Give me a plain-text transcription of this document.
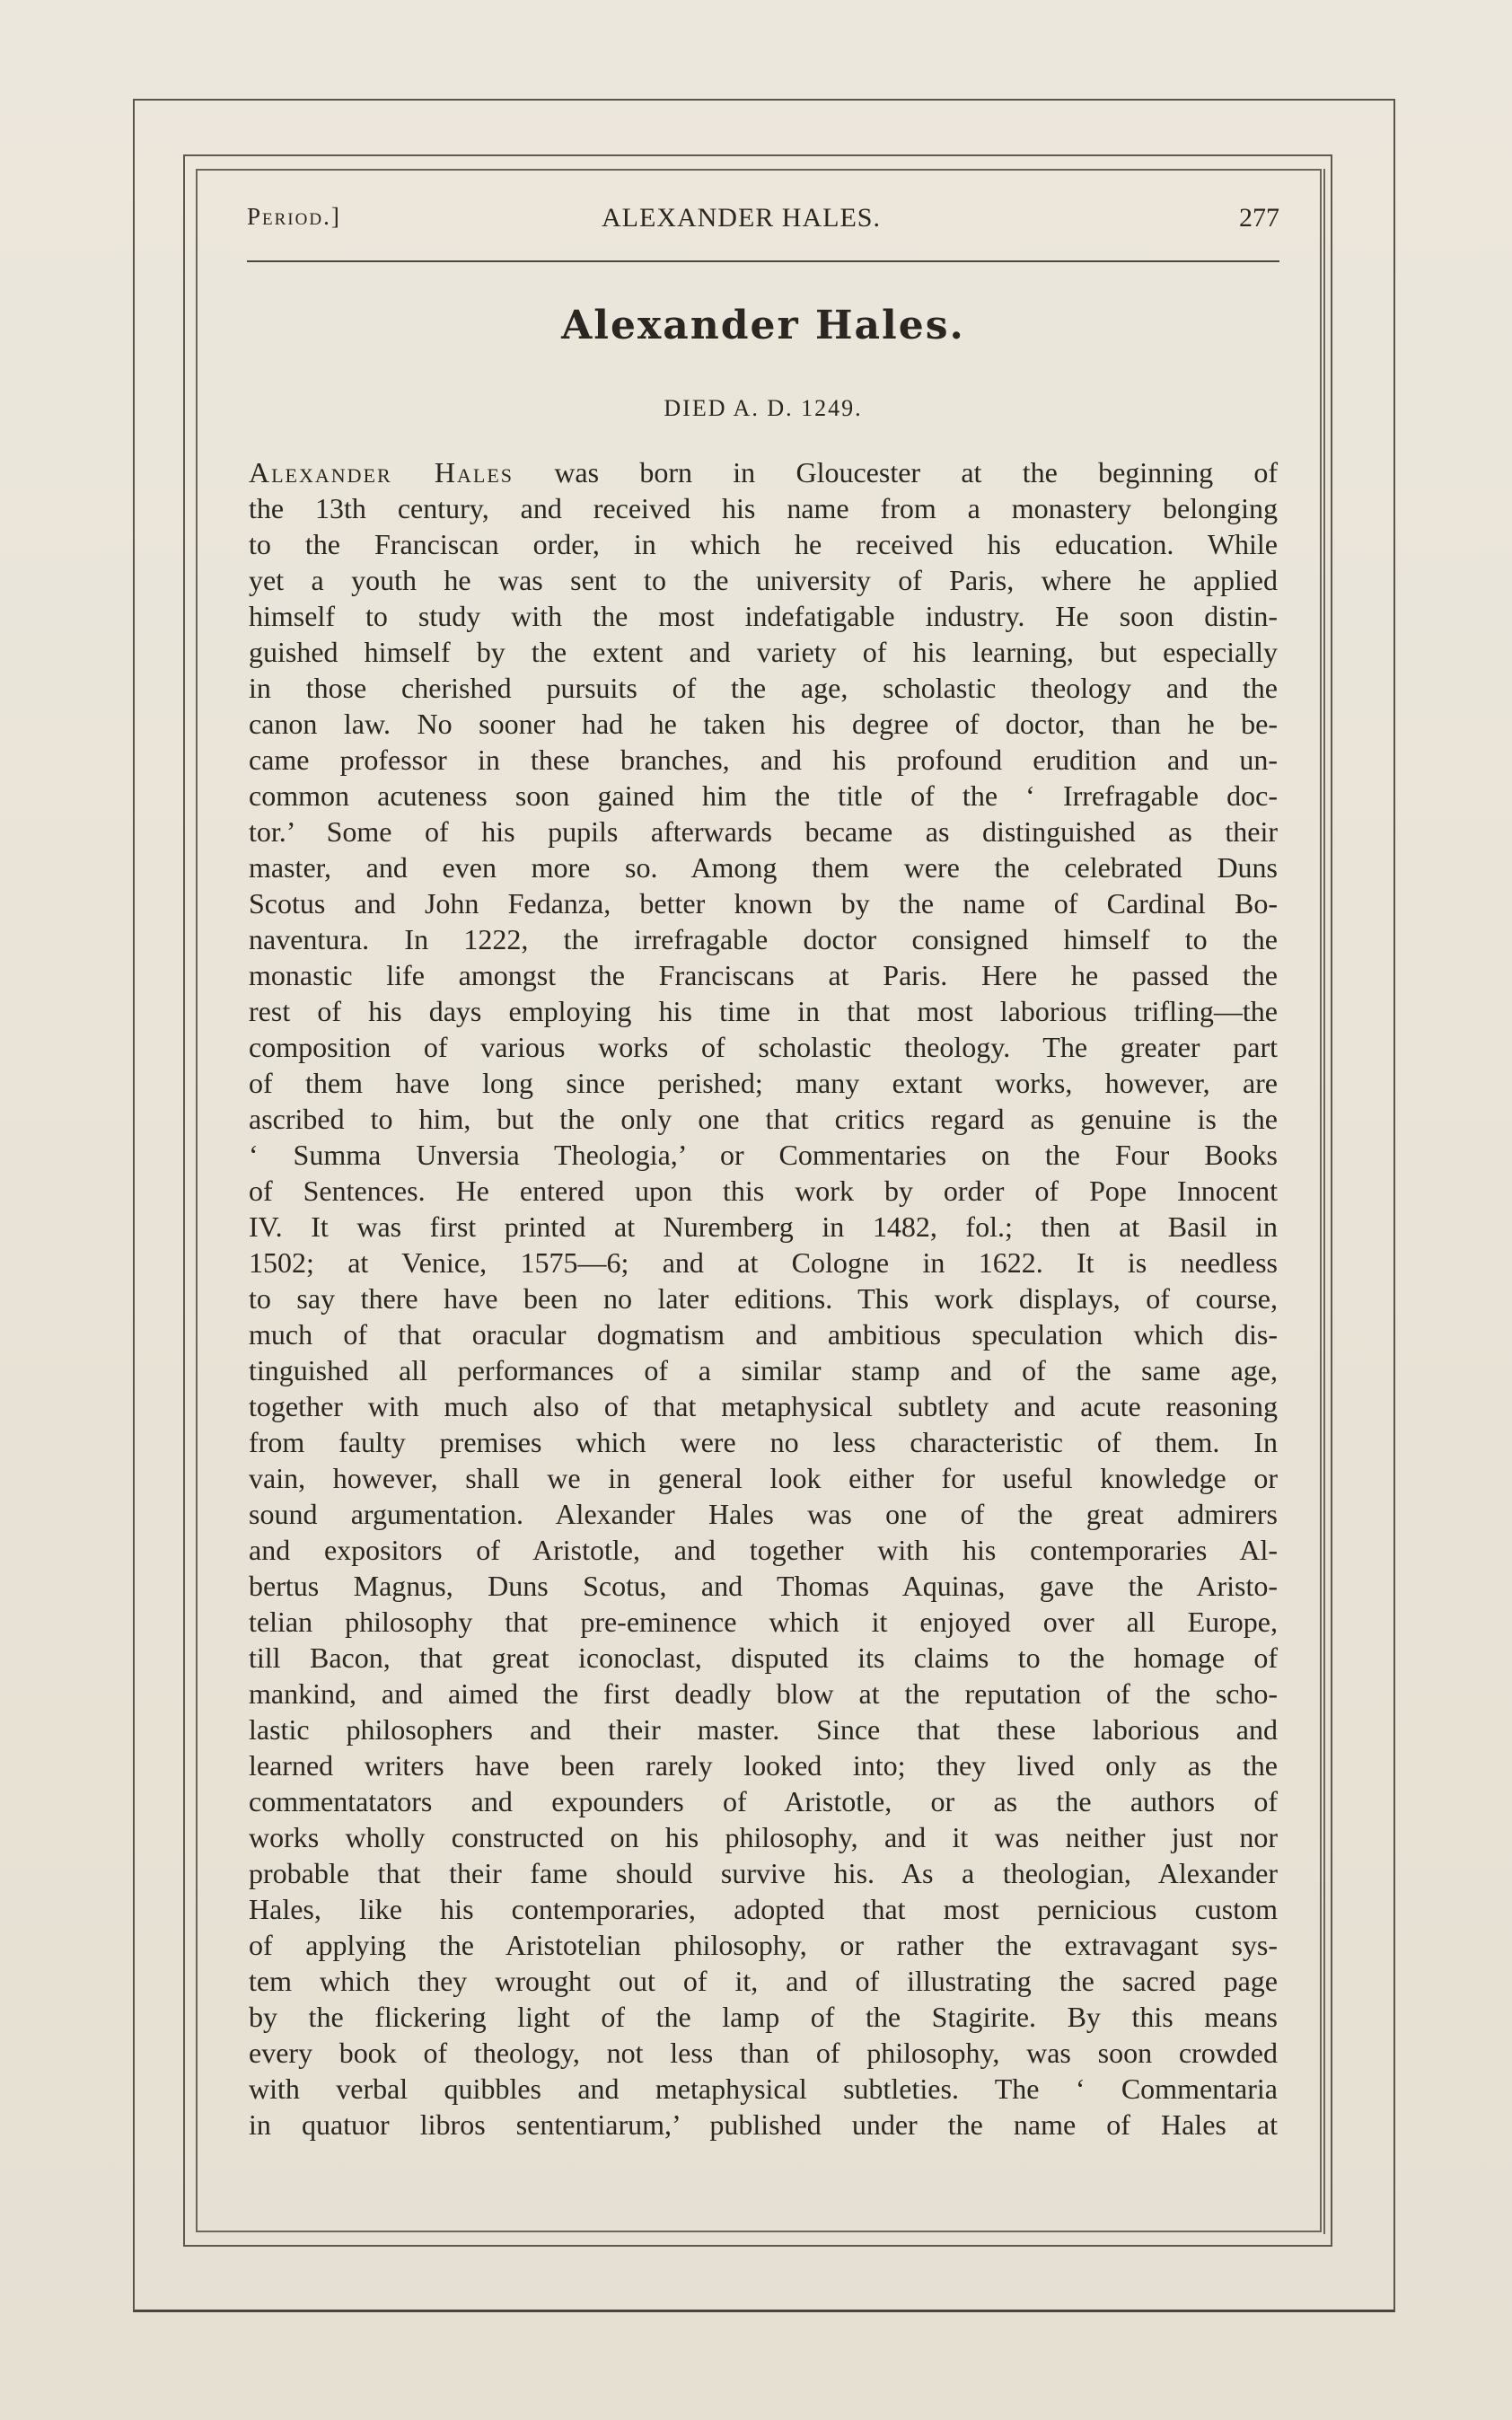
Period.]	ALEXANDER HALES.	277
Alexander Hales.
DIED A. D. 1249.
Alexander Hales was born in Gloucester at the beginning of
the 13th century, and received his name from a monastery belonging
to the Franciscan order, in which he received his education. While
yet a youth he was sent to the university of Paris, where he applied
himself to study with the most indefatigable industry. He soon distin-
guished himself by the extent and variety of his learning, but especially
in those cherished pursuits of the age, scholastic theology and the
canon law. No sooner had he taken his degree of doctor, than he be-
came professor in these branches, and his profound erudition and un-
common acuteness soon gained him the title of the ‘ Irrefragable doc-
tor.’ Some of his pupils afterwards became as distinguished as their
master, and even more so. Among them were the celebrated Duns
Scotus and John Fedanza, better known by the name of Cardinal Bo-
naventura. In 1222, the irrefragable doctor consigned himself to the
monastic life amongst the Franciscans at Paris. Here he passed the
rest of his days employing his time in that most laborious trifling—the
composition of various works of scholastic theology. The greater part
of them have long since perished; many extant works, however, are
ascribed to him, but the only one that critics regard as genuine is the
‘ Summa Unversia Theologia,’ or Commentaries on the Four Books
of Sentences. He entered upon this work by order of Pope Innocent
IV. It was first printed at Nuremberg in 1482, fol.; then at Basil in
1502; at Venice, 1575—6; and at Cologne in 1622. It is needless
to say there have been no later editions. This work displays, of course,
much of that oracular dogmatism and ambitious speculation which dis-
tinguished all performances of a similar stamp and of the same age,
together with much also of that metaphysical subtlety and acute reasoning
from faulty premises which were no less characteristic of them. In
vain, however, shall we in general look either for useful knowledge or
sound argumentation. Alexander Hales was one of the great admirers
and expositors of Aristotle, and together with his contemporaries Al-
bertus Magnus, Duns Scotus, and Thomas Aquinas, gave the Aristo-
telian philosophy that pre-eminence which it enjoyed over all Europe,
till Bacon, that great iconoclast, disputed its claims to the homage of
mankind, and aimed the first deadly blow at the reputation of the scho-
lastic philosophers and their master. Since that these laborious and
learned writers have been rarely looked into; they lived only as the
commentatators and expounders of Aristotle, or as the authors of
works wholly constructed on his philosophy, and it was neither just nor
probable that their fame should survive his. As a theologian, Alexander
Hales, like his contemporaries, adopted that most pernicious custom
of applying the Aristotelian philosophy, or rather the extravagant sys-
tem which they wrought out of it, and of illustrating the sacred page
by the flickering light of the lamp of the Stagirite. By this means
every book of theology, not less than of philosophy, was soon crowded
with verbal quibbles and metaphysical subtleties. The ‘ Commentaria
in quatuor libros sententiarum,’ published under the name of Hales at
